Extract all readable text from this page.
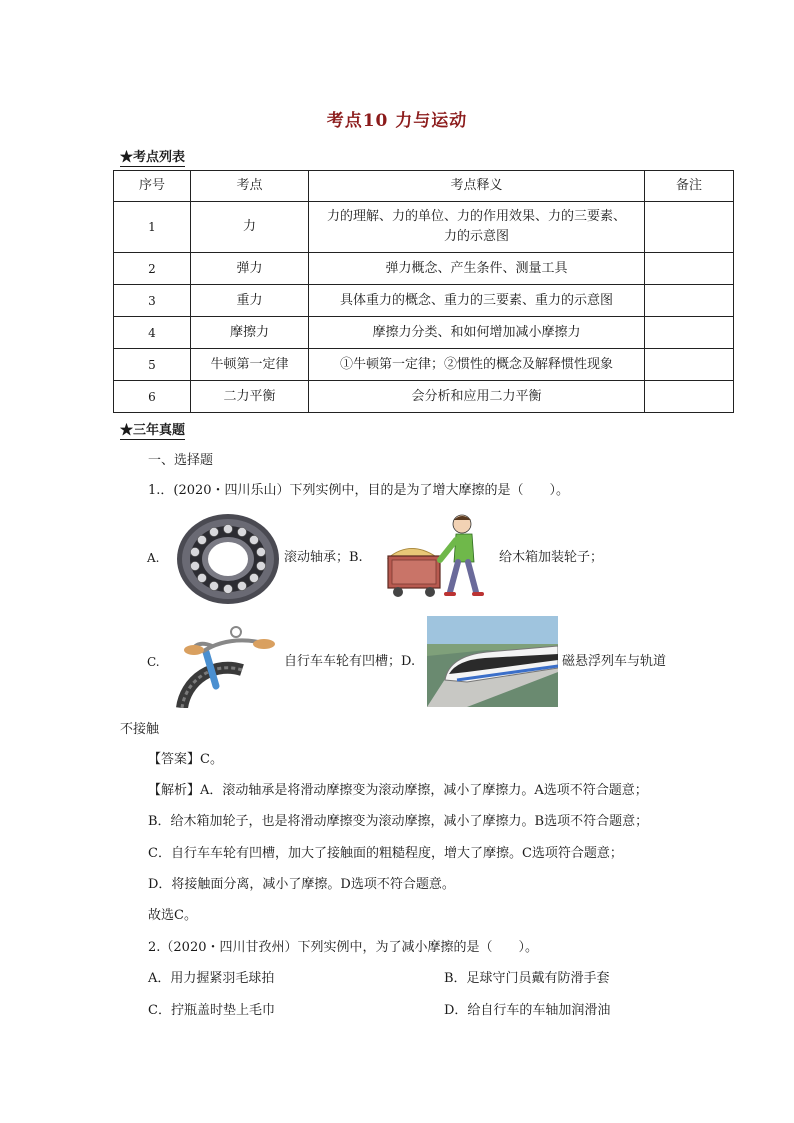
考点10 力与运动
★考点列表
序号	考点	考点释义	备注
1	力	力的理解、力的单位、力的作用效果、力的三要素、
力的示意图	

2	弹力	弹力概念、产生条件、测量工具	
3	重力	具体重力的概念、重力的三要素、重力的示意图	
4	摩擦力	摩擦力分类、和如何增加减小摩擦力	
5	牛顿第一定律	①牛顿第一定律；②惯性的概念及解释惯性现象	
6	二力平衡	会分析和应用二力平衡	
★三年真题
一、选择题
1.．(2020・四川乐山）下列实例中，目的是为了增大摩擦的是（　　）。
A.	滚动轴承；B.	给木箱加装轮子；
C.	自行车车轮有凹槽；D.	磁悬浮列车与轨道
不接触
【答案】C。
【解析】A．滚动轴承是将滑动摩擦变为滚动摩擦，减小了摩擦力。A选项不符合题意；
B．给木箱加轮子，也是将滑动摩擦变为滚动摩擦，减小了摩擦力。B选项不符合题意；
C．自行车车轮有凹槽，加大了接触面的粗糙程度，增大了摩擦。C选项符合题意；
D．将接触面分离，减小了摩擦。D选项不符合题意。
故选C。
2.（2020・四川甘孜州）下列实例中，为了减小摩擦的是（　　）。
A．用力握紧羽毛球拍	B．足球守门员戴有防滑手套
C．拧瓶盖时垫上毛巾	D．给自行车的车轴加润滑油
